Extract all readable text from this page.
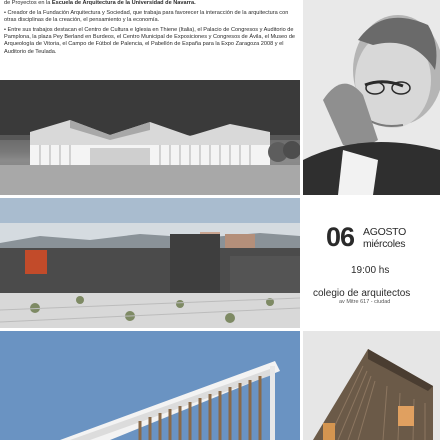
de Proyectos en la Escuela de Arquitectura de la Universidad de Navarra.

• Creador de la Fundación Arquitectura y Sociedad, que trabaja para favorecer la interacción de la arquitectura con otras disciplinas de la creación, el pensamiento y la economía.

• Entre sus trabajos destacan el Centro de Cultura e Iglesia en Thiene (Italia), el Palacio de Congresos y Auditorio de Pamplona, la plaza Pey Berland en Burdeos, el Centro Municipal de Exposiciones y Congresos de Ávila, el Museo de Arqueología de Vitoria, el Campo de Fútbol de Palencia, el Pabellón de España para la Expo Zaragoza 2008 y el Auditorio de Teulada.

06 AGOSTO
miércoles
19:00 hs
colegio de arquitectos
av Mitre 617 - ciudad
